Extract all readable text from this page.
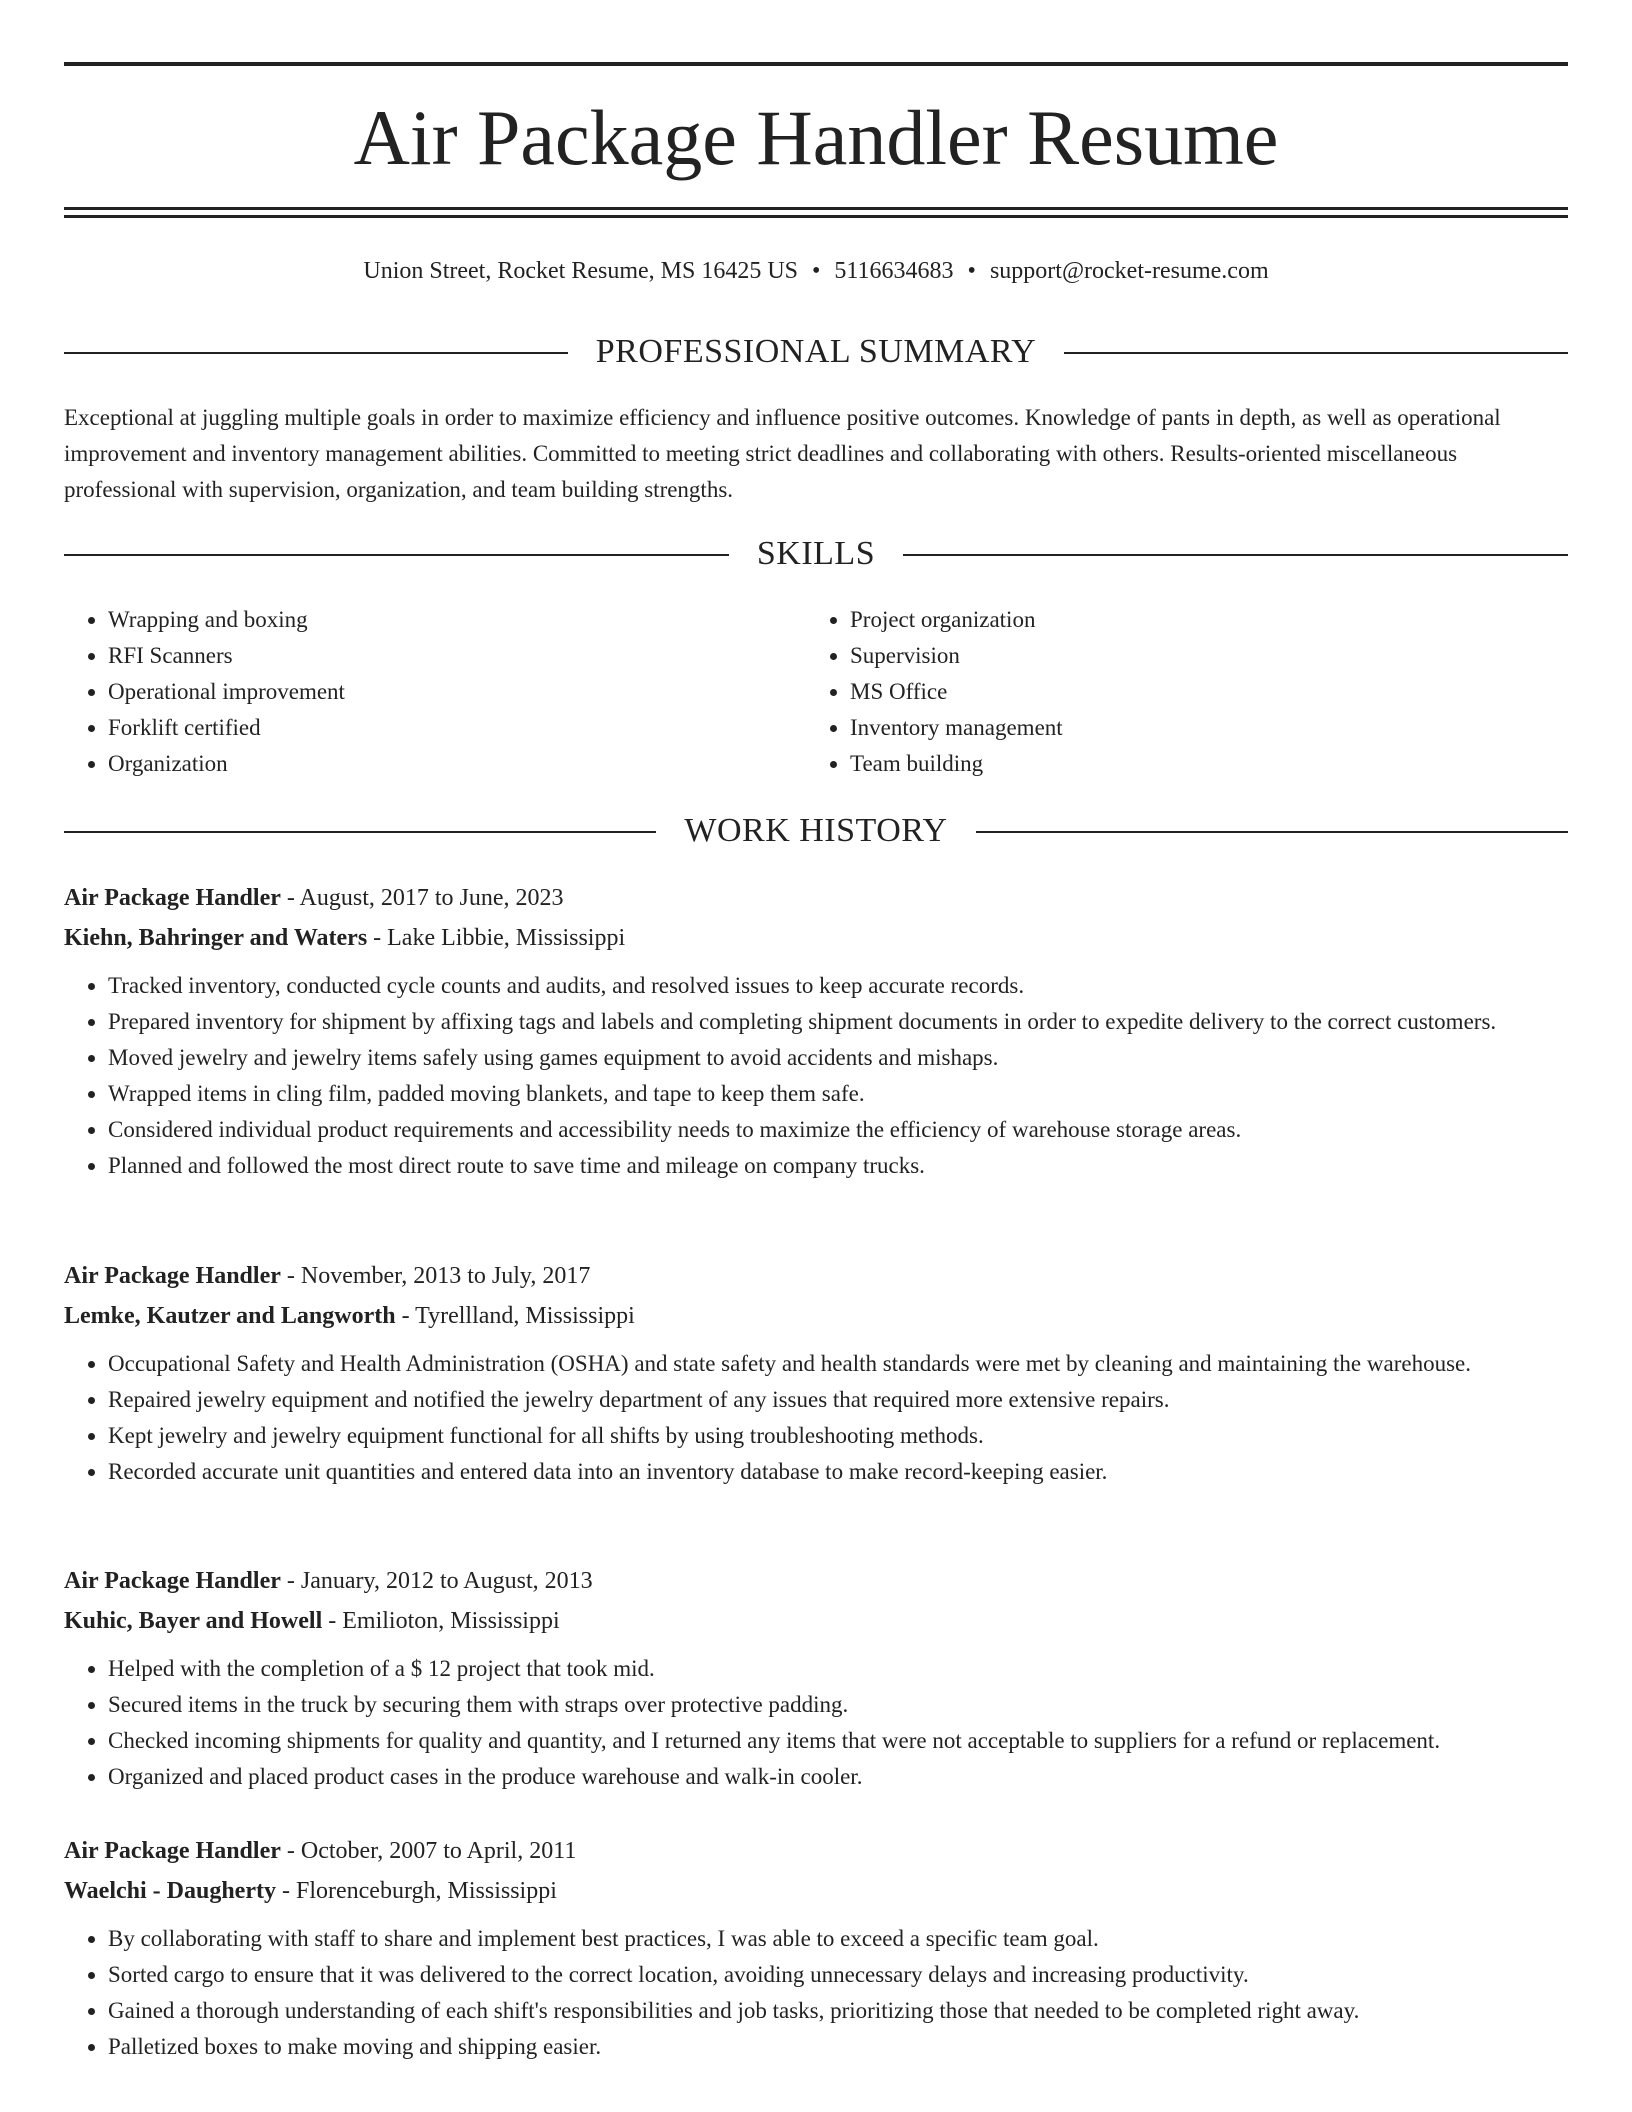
Air Package Handler Resume
Union Street, Rocket Resume, MS 16425 US • 5116634683 • support@rocket-resume.com
PROFESSIONAL SUMMARY

Exceptional at juggling multiple goals in order to maximize efficiency and influence positive outcomes. Knowledge of pants in depth, as well as operational improvement and inventory management abilities. Committed to meeting strict deadlines and collaborating with others. Results-oriented miscellaneous professional with supervision, organization, and team building strengths.

SKILLS
• Wrapping and boxing
• RFI Scanners
• Operational improvement
• Forklift certified
• Organization
• Project organization
• Supervision
• MS Office
• Inventory management
• Team building
WORK HISTORY

Air Package Handler - August, 2017 to June, 2023

Kiehn, Bahringer and Waters - Lake Libbie, Mississippi

• Tracked inventory, conducted cycle counts and audits, and resolved issues to keep accurate records.
• Prepared inventory for shipment by affixing tags and labels and completing shipment documents in order to expedite delivery to the correct customers.
• Moved jewelry and jewelry items safely using games equipment to avoid accidents and mishaps.
• Wrapped items in cling film, padded moving blankets, and tape to keep them safe.
• Considered individual product requirements and accessibility needs to maximize the efficiency of warehouse storage areas.
• Planned and followed the most direct route to save time and mileage on company trucks.

Air Package Handler - November, 2013 to July, 2017

Lemke, Kautzer and Langworth - Tyrellland, Mississippi

• Occupational Safety and Health Administration (OSHA) and state safety and health standards were met by cleaning and maintaining the warehouse.
• Repaired jewelry equipment and notified the jewelry department of any issues that required more extensive repairs.
• Kept jewelry and jewelry equipment functional for all shifts by using troubleshooting methods.
• Recorded accurate unit quantities and entered data into an inventory database to make record-keeping easier.

Air Package Handler - January, 2012 to August, 2013

Kuhic, Bayer and Howell - Emilioton, Mississippi

• Helped with the completion of a $ 12 project that took mid.
• Secured items in the truck by securing them with straps over protective padding.
• Checked incoming shipments for quality and quantity, and I returned any items that were not acceptable to suppliers for a refund or replacement.
• Organized and placed product cases in the produce warehouse and walk-in cooler.

Air Package Handler - October, 2007 to April, 2011

Waelchi - Daugherty - Florenceburgh, Mississippi

• By collaborating with staff to share and implement best practices, I was able to exceed a specific team goal.
• Sorted cargo to ensure that it was delivered to the correct location, avoiding unnecessary delays and increasing productivity.
• Gained a thorough understanding of each shift's responsibilities and job tasks, prioritizing those that needed to be completed right away.
• Palletized boxes to make moving and shipping easier.
